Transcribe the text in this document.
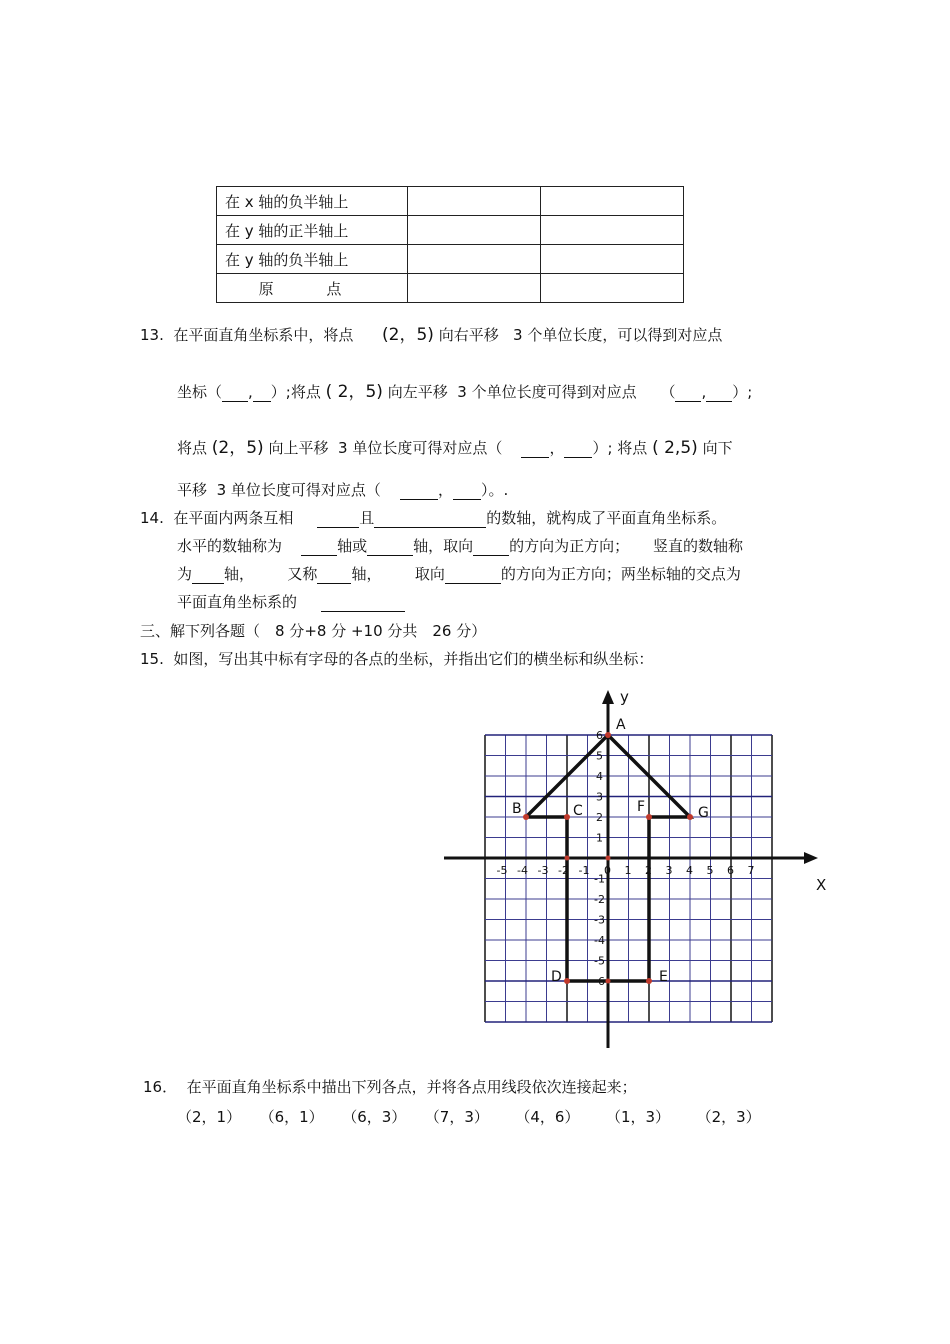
在 x 轴的负半轴上		
在 y 轴的正半轴上		
在 y 轴的负半轴上		
原 点		
13. 在平面直角坐标系中，将点 (2，5) 向右平移 3 个单位长度，可以得到对应点
坐标（ , ）;将点 ( 2，5) 向左平移 3 个单位长度可得到对应点 （ , ）;
将点 (2，5) 向上平移 3 单位长度可得对应点（	， ）; 将点 ( 2,5) 向下
平移 3 单位长度可得对应点（	， ）。.
14. 在平面内两条互相	且	的数轴，就构成了平面直角坐标系。
水平的数轴称为	轴或	轴，取向 的方向为正方向； 竖直的数轴称
为 轴， 又称 轴， 取向	的方向为正方向；两坐标轴的交点为
平面直角坐标系的
三、解下列各题（　8 分+8 分 +10 分共　26 分）
15. 如图，写出其中标有字母的各点的坐标，并指出它们的横坐标和纵坐标：
X
y
-5 -4 -3 -2 -1 0 1 2 3 4 5 6 7
6
5
4
3
2
1
-1
-2
-3
-4
-5
-6
A
B	C
D	E
F	G
16． 在平面直角坐标系中描出下列各点，并将各点用线段依次连接起来；
（2，1） （6，1） （6，3） （7，3） （4，6） （1，3） （2，3）
